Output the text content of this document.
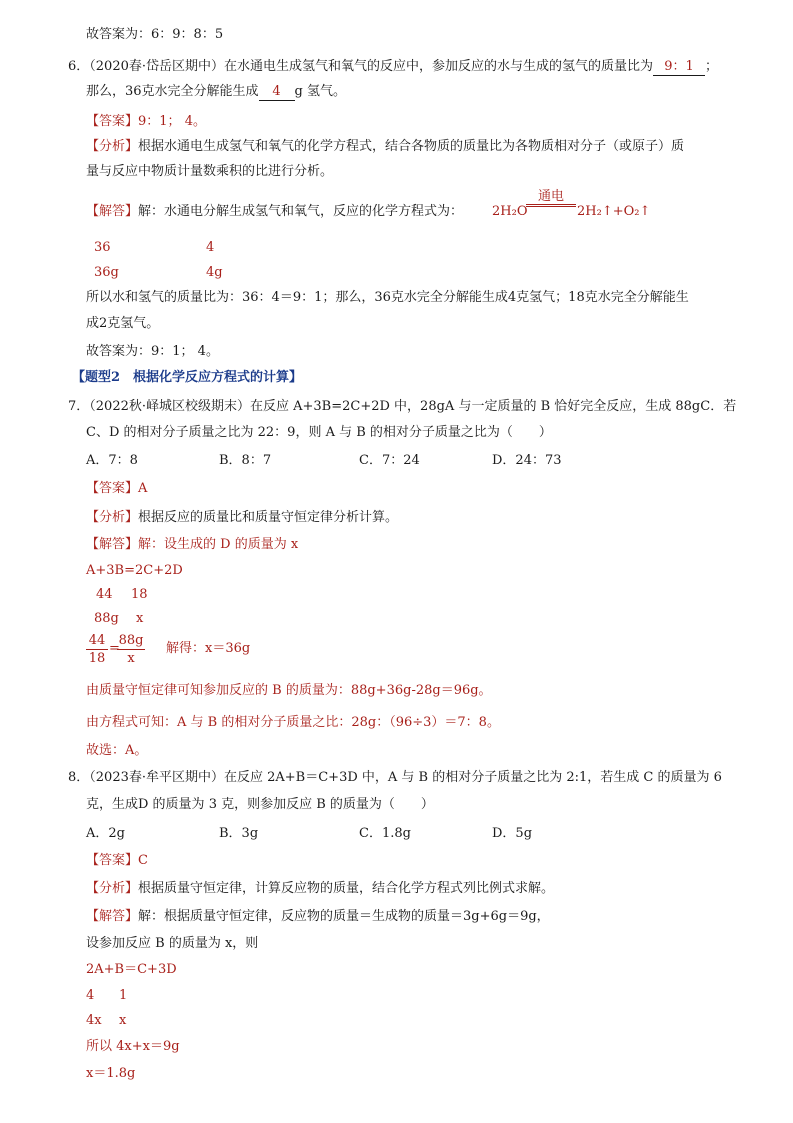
故答案为：6：9：8：5
6．（2020春·岱岳区期中）在水通电生成氢气和氧气的反应中，参加反应的水与生成的氢气的质量比为 9：1 ；
那么，36克水完全分解能生成 4 g 氢气。
【答案】9：1； 4。
【分析】根据水通电生成氢气和氧气的化学方程式，结合各物质的质量比为各物质相对分子（或原子）质
量与反应中物质计量数乘积的比进行分析。
【解答】解：水通电分解生成氢气和氧气，反应的化学方程式为： 2H₂O
通电
2H₂↑+O₂↑
36	4
36g	4g
所以水和氢气的质量比为：36：4＝9：1；那么，36克水完全分解能生成4克氢气；18克水完全分解能生
成2克氢气。
故答案为：9：1； 4。
【题型2　根据化学反应方程式的计算】
7．（2022秋·峄城区校级期末）在反应 A+3B=2C+2D 中，28gA 与一定质量的 B 恰好完全反应，生成 88gC．若
C、D 的相对分子质量之比为 22：9，则 A 与 B 的相对分子质量之比为（　　）
A．7：8	B．8：7	C．7：24	D．24：73
【答案】A
【分析】根据反应的质量比和质量守恒定律分析计算。
【解答】解：设生成的 D 的质量为 x
A+3B=2C+2D
44 18
88g x
44
18
=
88g
x
解得：x＝36g
由质量守恒定律可知参加反应的 B 的质量为：88g+36g-28g＝96g。
由方程式可知：A 与 B 的相对分子质量之比：28g：（96÷3）＝7：8。
故选：A。
8．（2023春·牟平区期中）在反应 2A+B＝C+3D 中，A 与 B 的相对分子质量之比为 2:1，若生成 C 的质量为 6
克，生成D 的质量为 3 克，则参加反应 B 的质量为（　　）
A．2g	B．3g	C．1.8g	D．5g
【答案】C
【分析】根据质量守恒定律，计算反应物的质量，结合化学方程式列比例式求解。
【解答】解：根据质量守恒定律，反应物的质量＝生成物的质量＝3g+6g＝9g，
设参加反应 B 的质量为 x，则
2A+B＝C+3D
4 1
4x x
所以 4x+x＝9g
x＝1.8g
